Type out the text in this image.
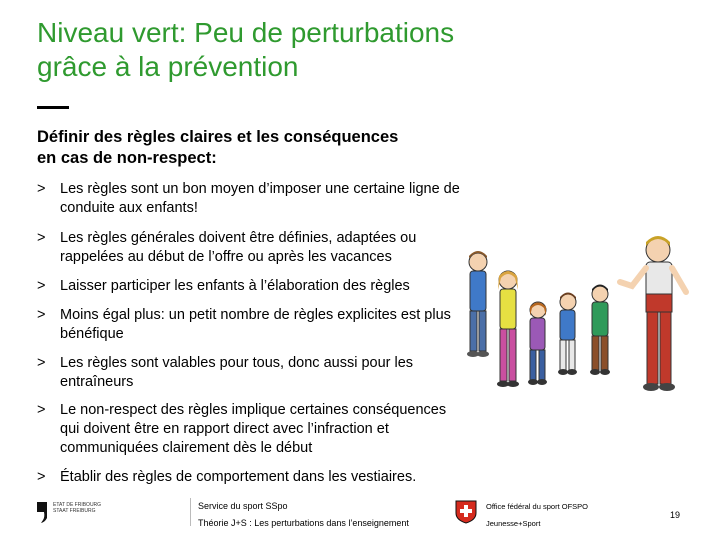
Niveau vert: Peu de perturbations
grâce à la prévention
Définir des règles claires et les conséquences
en cas de non-respect:
>	Les règles sont un bon moyen d’imposer une certaine ligne de conduite aux enfants!
>	Les règles générales doivent être définies, adaptées ou rappelées au début de l’offre ou après les vacances
>	Laisser participer les enfants à l’élaboration des règles
>	Moins égal plus: un petit nombre de règles explicites est plus bénéfique
>	Les règles sont valables pour tous, donc aussi pour les entraîneurs
>	Le non-respect des règles implique certaines conséquences qui doivent être en rapport direct avec l’infraction et communiquées clairement dès le début
>	Établir des règles de comportement dans les vestiaires.
ETAT DE FRIBOURG
STAAT FREIBURG	Service du sport SSpo
Théorie J+S : Les perturbations dans l’enseignement
Office fédéral du sport OFSPO
Jeunesse+Sport
19
